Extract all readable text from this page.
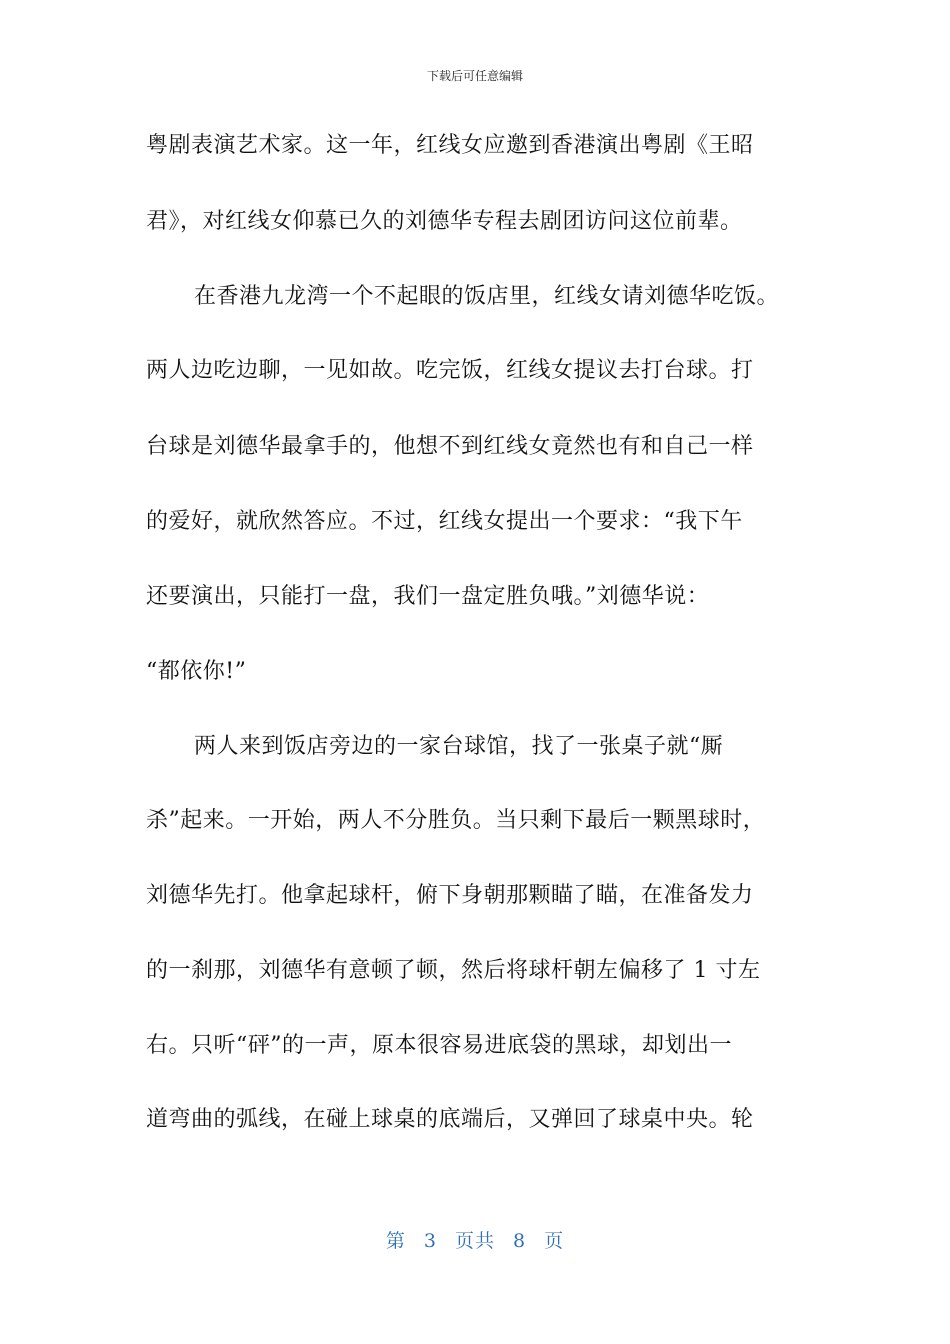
下载后可任意编辑
粤剧表演艺术家。这一年，红线女应邀到香港演出粤剧《王昭
君》，对红线女仰慕已久的刘德华专程去剧团访问这位前辈。
在香港九龙湾一个不起眼的饭店里，红线女请刘德华吃饭。
两人边吃边聊，一见如故。吃完饭，红线女提议去打台球。打
台球是刘德华最拿手的，他想不到红线女竟然也有和自己一样
的爱好，就欣然答应。不过，红线女提出一个要求：“我下午
还要演出，只能打一盘，我们一盘定胜负哦。”刘德华说：
“都依你!”
两人来到饭店旁边的一家台球馆，找了一张桌子就“厮
杀”起来。一开始，两人不分胜负。当只剩下最后一颗黑球时，
刘德华先打。他拿起球杆，俯下身朝那颗瞄了瞄，在准备发力
的一刹那，刘德华有意顿了顿，然后将球杆朝左偏移了 1 寸左
右。只听“砰”的一声，原本很容易进底袋的黑球，却划出一
道弯曲的弧线，在碰上球桌的底端后，又弹回了球桌中央。轮
第 3 页共 8 页
